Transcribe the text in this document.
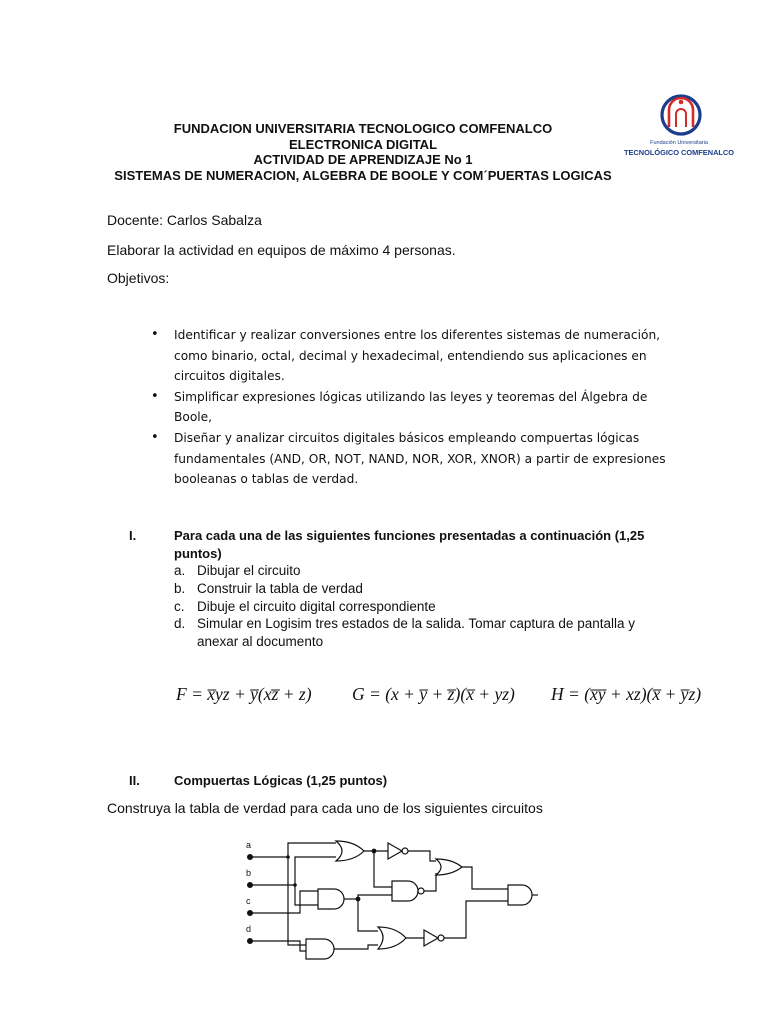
FUNDACION UNIVERSITARIA TECNOLOGICO COMFENALCO
ELECTRONICA DIGITAL
ACTIVIDAD DE APRENDIZAJE No 1
SISTEMAS DE NUMERACION, ALGEBRA DE BOOLE Y COM´PUERTAS LOGICAS
Fundación Universitaria
TECNOLÓGICO COMFENALCO
Docente: Carlos Sabalza
Elaborar la actividad en equipos de máximo 4 personas.
Objetivos:
• Identificar y realizar conversiones entre los diferentes sistemas de numeración, como binario, octal, decimal y hexadecimal, entendiendo sus aplicaciones en circuitos digitales.
• Simplificar expresiones lógicas utilizando las leyes y teoremas del Álgebra de Boole,
• Diseñar y analizar circuitos digitales básicos empleando compuertas lógicas fundamentales (AND, OR, NOT, NAND, NOR, XOR, XNOR) a partir de expresiones booleanas o tablas de verdad.
I.	Para cada una de las siguientes funciones presentadas a continuación (1,25 puntos)
a. Dibujar el circuito
b. Construir la tabla de verdad
c. Dibuje el circuito digital correspondiente
d. Simular en Logisim tres estados de la salida. Tomar captura de pantalla y anexar al documento
F = x̅yz + y̅(xz̅ + z) G = (x + y̅ + z̅)(x̅ + yz) H = (x̅y̅ + xz)(x̅ + y̅z)
II.	Compuertas Lógicas (1,25 puntos)
Construya la tabla de verdad para cada uno de los siguientes circuitos
a
b
c
d
